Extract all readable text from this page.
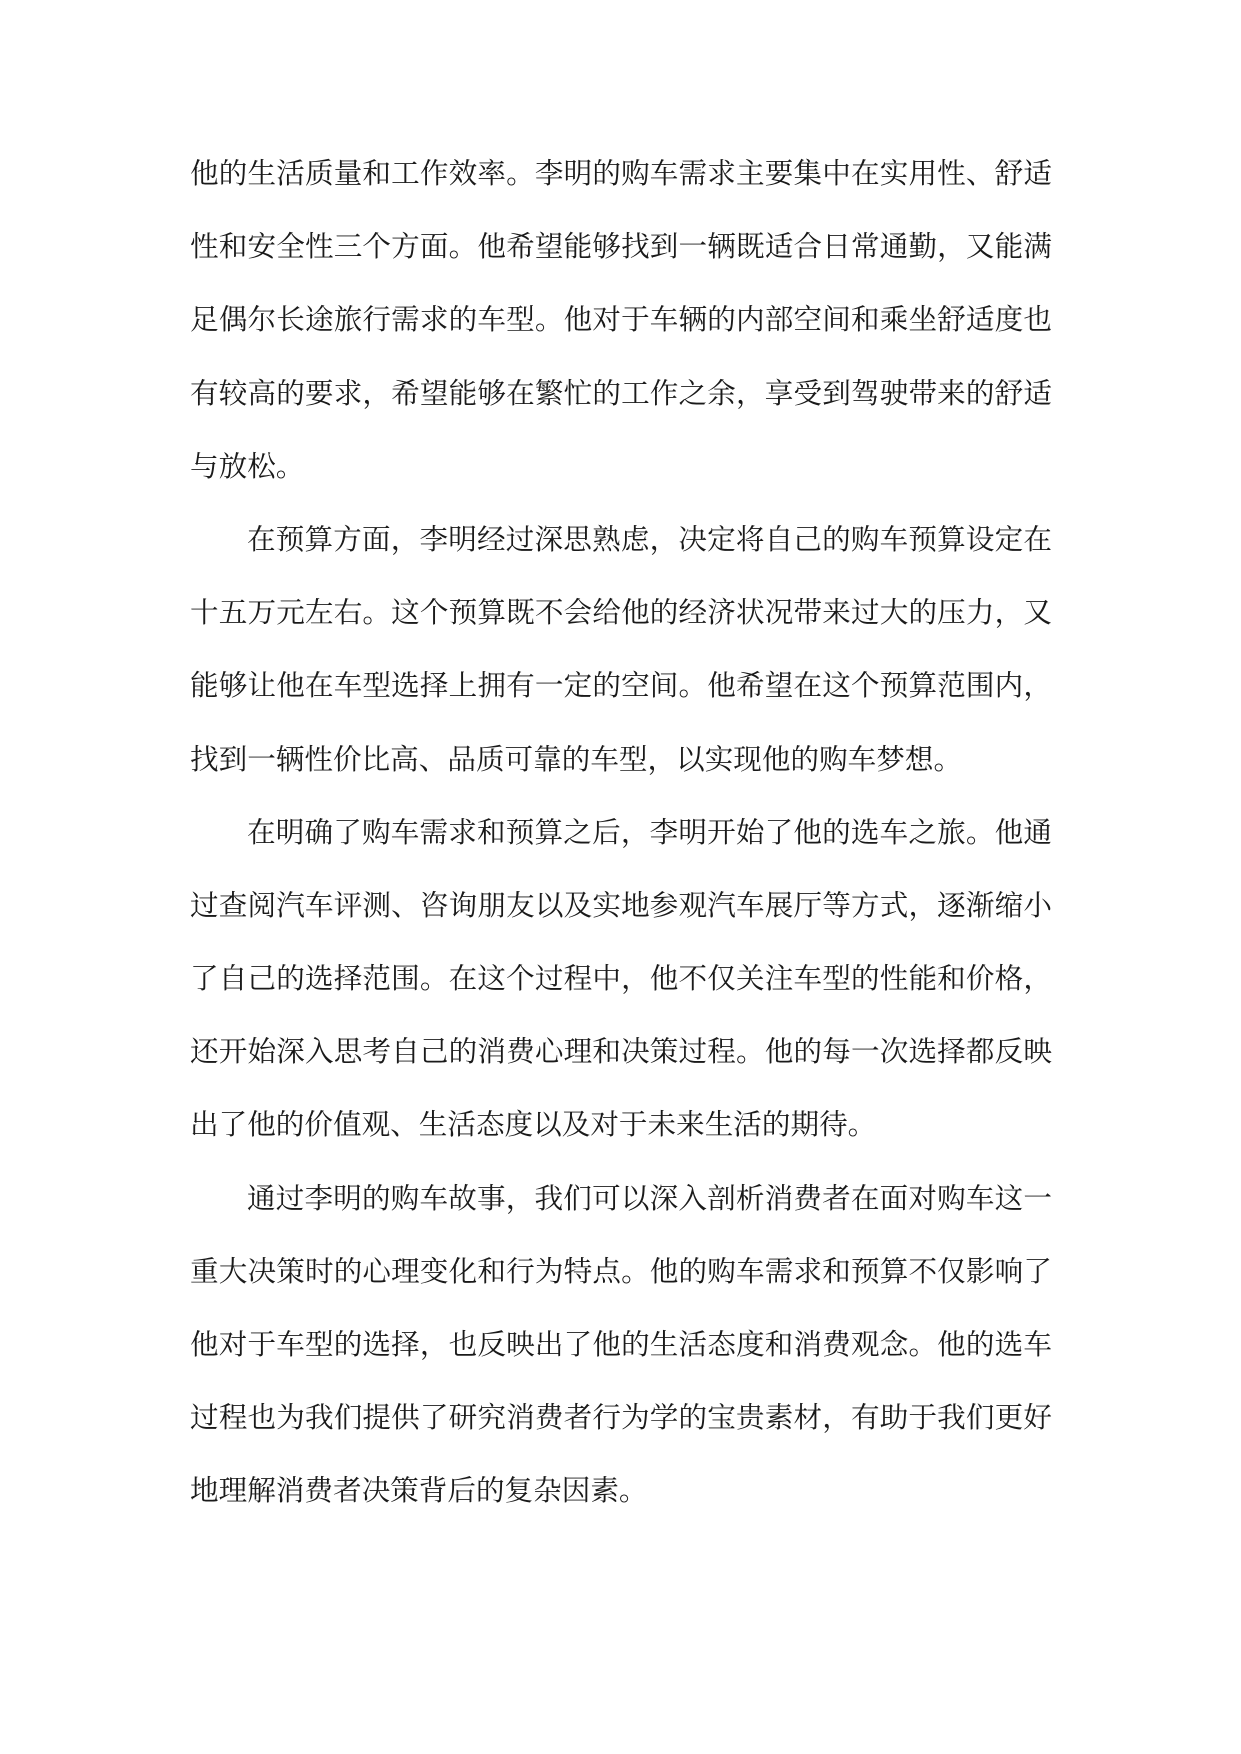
他的生活质量和工作效率。李明的购车需求主要集中在实用性、舒适
性和安全性三个方面。他希望能够找到一辆既适合日常通勤，又能满
足偶尔长途旅行需求的车型。他对于车辆的内部空间和乘坐舒适度也
有较高的要求，希望能够在繁忙的工作之余，享受到驾驶带来的舒适
与放松。
在预算方面，李明经过深思熟虑，决定将自己的购车预算设定在
十五万元左右。这个预算既不会给他的经济状况带来过大的压力，又
能够让他在车型选择上拥有一定的空间。他希望在这个预算范围内，
找到一辆性价比高、品质可靠的车型，以实现他的购车梦想。
在明确了购车需求和预算之后，李明开始了他的选车之旅。他通
过查阅汽车评测、咨询朋友以及实地参观汽车展厅等方式，逐渐缩小
了自己的选择范围。在这个过程中，他不仅关注车型的性能和价格，
还开始深入思考自己的消费心理和决策过程。他的每一次选择都反映
出了他的价值观、生活态度以及对于未来生活的期待。
通过李明的购车故事，我们可以深入剖析消费者在面对购车这一
重大决策时的心理变化和行为特点。他的购车需求和预算不仅影响了
他对于车型的选择，也反映出了他的生活态度和消费观念。他的选车
过程也为我们提供了研究消费者行为学的宝贵素材，有助于我们更好
地理解消费者决策背后的复杂因素。
